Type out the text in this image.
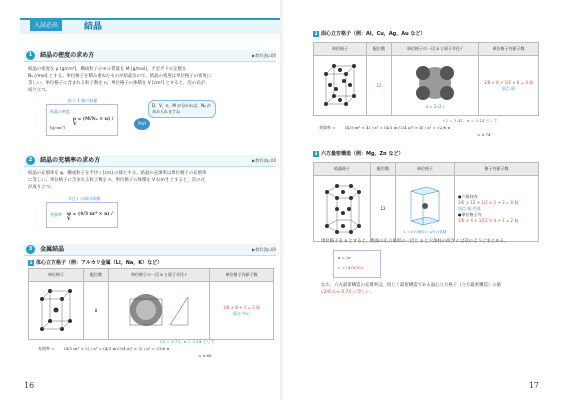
入試必出	結晶
1 結晶の密度の求め方	▶教科書p.00
結晶の密度を ρ [g/cm³]，構成粒子のモル質量を M [g/mol]，アボガドロ定数を
Nₐ [/mol] とする。単位格子を積み重ねたものが結晶なので，結晶の密度は単位格子の密度に
等しい。単位格子に含まれる粒子数を n，単位格子の体積を V [cm³] とすると，次の式が
成り立つ。
粒子 1 個の質量
結晶の密度
[g/cm³]
ρ = (M/Nₐ × n) / V
D，V，n，M が分かれば，Nₐ が求められますね
Prof
2 結晶の充填率の求め方	▶教科書p.00
結晶の充填率を φ，構成粒子を半径 r [cm] の球とする。結晶の充填率は単位格子の充填率
に等しい。単位格子に含まれる粒子数を n，単位格子の体積を V [cm³] とすると，次の式
が成り立つ。
半径 r の球の体積
充填率 φ = (4/3 πr³ × n) / V
3 金属結晶	▶教科書p.00
1 体心立方格子（例：アルカリ金属（Li，Na，K）など）
単位格子	配位数	単位格子の一辺 a と原子半径 r	単位格子内原子数
	8		1/8 × 8 + 1 = 2 個
頂点 中心
充填率 = (4/3 πr³ × 2) / a³ = (4/3 π(√3/4 a)³ × 2) / a³ = √3/8 π
√3 = 1.73，π = 3.14 として
≒ 0.68
16
2 面心立方格子（例：Al，Cu，Ag，Au など）
単位格子	配位数	単位格子の一辺 a と原子半径 r	単位格子内原子数
	12	a = 2√2 r	1/8 × 8 + 1/2 × 6 = 4 個
頂点 面
充填率 = (4/3 πr³ × 4) / a³ = (4/3 π(√2/4 a)³ × 4) / a³ = √2/6 π
√2 = 1.41，π = 3.14 として
≒ 0.74
3 六方最密構造（例：Mg，Zn など）
結晶格子	配位数	単位格子	格子内原子数
	12	1 つの六角柱の 1/3 の体積	●六角柱内
1/6 × 12 + 1/2 × 2 + 3 = 6 個
頂点 面 内部
●単位格子内
1/6 × 4 + 1/12 × 4 + 1 = 2 個
単位格子を a とすると，底面の正六角形の一辺と a と六角柱の高さ c は次のようにまとめる。
a = 2r
c = (4√6/3) r
なお，六方最密構造の充填率は，同じく最密構造である面心立方格子（立方最密構造）の値
√2/6 π ≒ 0.74 に等しい。
17
